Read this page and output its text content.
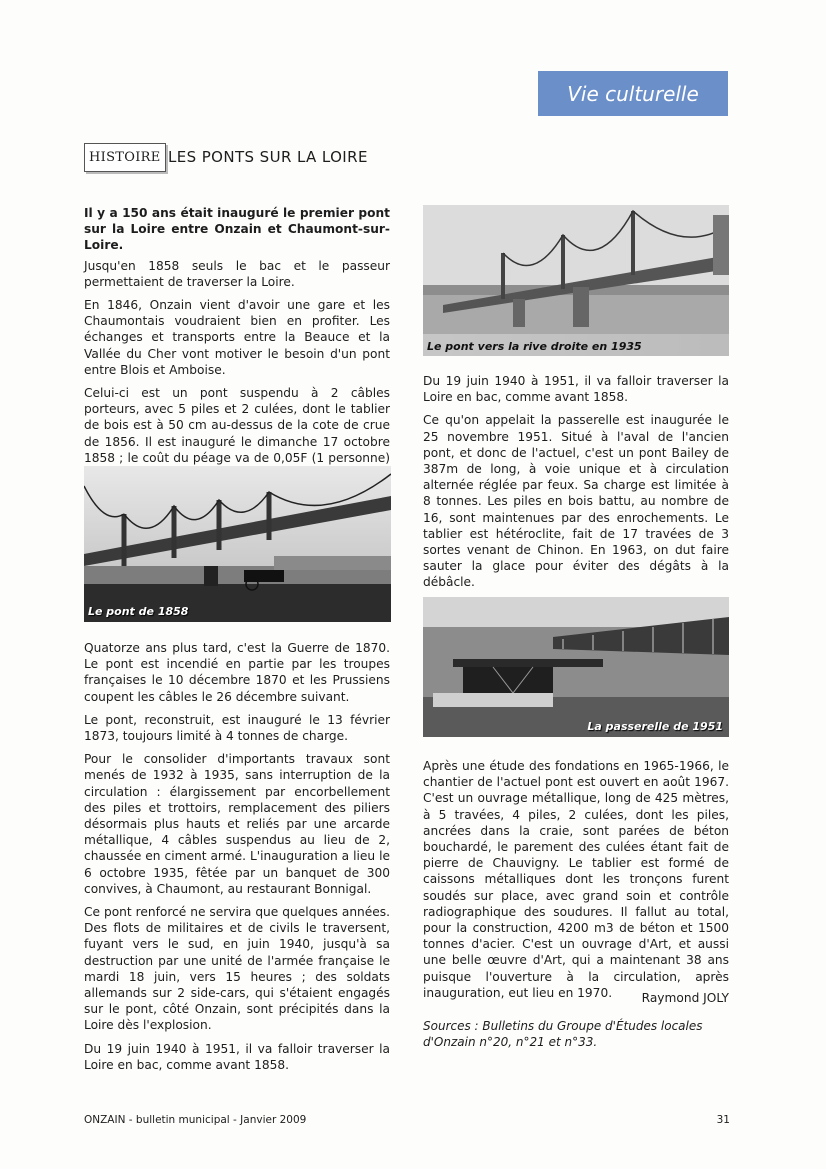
Vie culturelle
HISTOIRE LES PONTS SUR LA LOIRE

Il y a 150 ans était inauguré le premier pont sur la Loire entre Onzain et Chaumont-sur-Loire.

Jusqu'en 1858 seuls le bac et le passeur permettaient de traverser la Loire.

En 1846, Onzain vient d'avoir une gare et les Chaumontais voudraient bien en profiter. Les échanges et transports entre la Beauce et la Vallée du Cher vont motiver le besoin d'un pont entre Blois et Amboise.

Celui-ci est un pont suspendu à 2 câbles porteurs, avec 5 piles et 2 culées, dont le tablier de bois est à 50 cm au-dessus de la cote de crue de 1856. Il est inauguré le dimanche 17 octobre 1858 ; le coût du péage va de 0,05F (1 personne)

Le pont de 1858

Quatorze ans plus tard, c'est la Guerre de 1870. Le pont est incendié en partie par les troupes françaises le 10 décembre 1870 et les Prussiens coupent les câbles le 26 décembre suivant.

Le pont, reconstruit, est inauguré le 13 février 1873, toujours limité à 4 tonnes de charge.

Pour le consolider d'importants travaux sont menés de 1932 à 1935, sans interruption de la circulation : élargissement par encorbellement des piles et trottoirs, remplacement des piliers désormais plus hauts et reliés par une arcarde métallique, 4 câbles suspendus au lieu de 2, chaussée en ciment armé. L'inauguration a lieu le 6 octobre 1935, fêtée par un banquet de 300 convives, à Chaumont, au restaurant Bonnigal.

Ce pont renforcé ne servira que quelques années. Des flots de militaires et de civils le traversent, fuyant vers le sud, en juin 1940, jusqu'à sa destruction par une unité de l'armée française le mardi 18 juin, vers 15 heures ; des soldats allemands sur 2 side-cars, qui s'étaient engagés sur le pont, côté Onzain, sont précipités dans la Loire dès l'explosion.

Du 19 juin 1940 à 1951, il va falloir traverser la Loire en bac, comme avant 1858.

Le pont vers la rive droite en 1935

Du 19 juin 1940 à 1951, il va falloir traverser la Loire en bac, comme avant 1858.

Ce qu'on appelait la passerelle est inaugurée le 25 novembre 1951. Situé à l'aval de l'ancien pont, et donc de l'actuel, c'est un pont Bailey de 387m de long, à voie unique et à circulation alternée réglée par feux. Sa charge est limitée à 8 tonnes. Les piles en bois battu, au nombre de 16, sont maintenues par des enrochements. Le tablier est hétéroclite, fait de 17 travées de 3 sortes venant de Chinon. En 1963, on dut faire sauter la glace pour éviter des dégâts à la débâcle.

La passerelle de 1951

Après une étude des fondations en 1965-1966, le chantier de l'actuel pont est ouvert en août 1967. C'est un ouvrage métallique, long de 425 mètres, à 5 travées, 4 piles, 2 culées, dont les piles, ancrées dans la craie, sont parées de béton bouchardé, le parement des culées étant fait de pierre de Chauvigny. Le tablier est formé de caissons métalliques dont les tronçons furent soudés sur place, avec grand soin et contrôle radiographique des soudures. Il fallut au total, pour la construction, 4200 m3 de béton et 1500 tonnes d'acier. C'est un ouvrage d'Art, et aussi une belle œuvre d'Art, qui a maintenant 38 ans puisque l'ouverture à la circulation, après inauguration, eut lieu en 1970.	Raymond JOLY
Sources : Bulletins du Groupe d'Études locales d'Onzain n°20, n°21 et n°33.
ONZAIN - bulletin municipal - Janvier 2009	31
